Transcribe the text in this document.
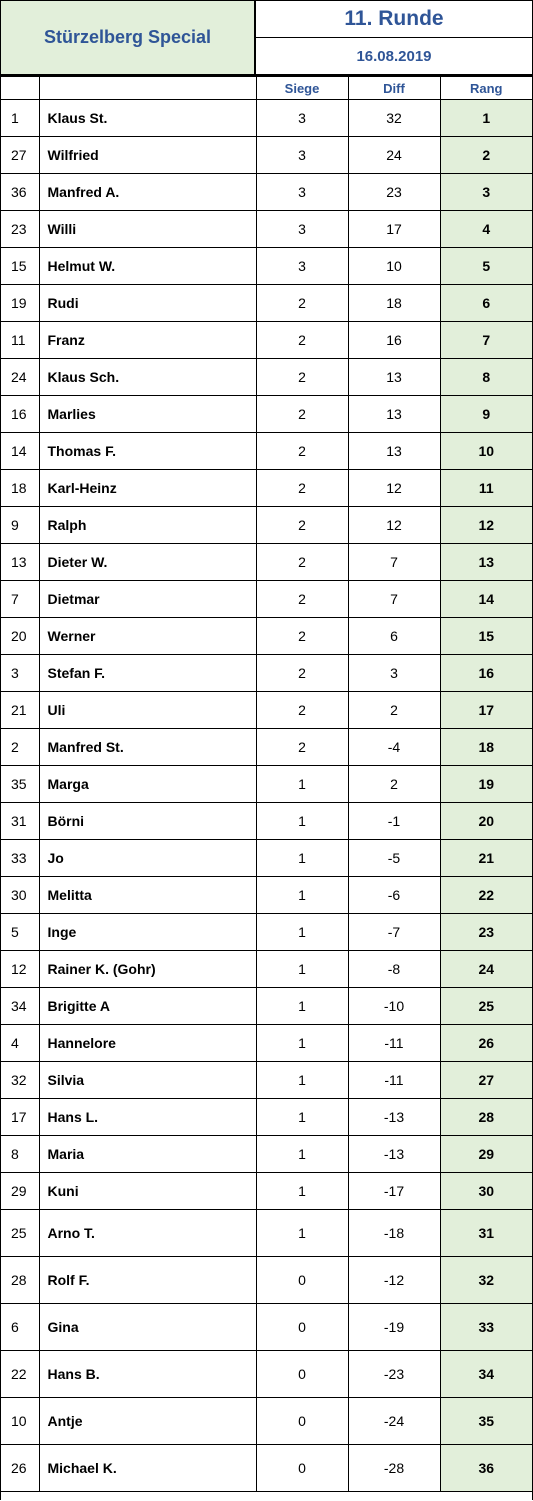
Stürzelberg Special
11. Runde
16.08.2019
		Siege	Diff	Rang
1	Klaus St.	3	32	1
27	Wilfried	3	24	2
36	Manfred A.	3	23	3
23	Willi	3	17	4
15	Helmut W.	3	10	5
19	Rudi	2	18	6
11	Franz	2	16	7
24	Klaus Sch.	2	13	8
16	Marlies	2	13	9
14	Thomas F.	2	13	10
18	Karl-Heinz	2	12	11
9	Ralph	2	12	12
13	Dieter W.	2	7	13
7	Dietmar	2	7	14
20	Werner	2	6	15
3	Stefan F.	2	3	16
21	Uli	2	2	17
2	Manfred St.	2	-4	18
35	Marga	1	2	19
31	Börni	1	-1	20
33	Jo	1	-5	21
30	Melitta	1	-6	22
5	Inge	1	-7	23
12	Rainer K. (Gohr)	1	-8	24
34	Brigitte A	1	-10	25
4	Hannelore	1	-11	26
32	Silvia	1	-11	27
17	Hans L.	1	-13	28
8	Maria	1	-13	29
29	Kuni	1	-17	30
25	Arno T.	1	-18	31
28	Rolf F.	0	-12	32
6	Gina	0	-19	33
22	Hans B.	0	-23	34
10	Antje	0	-24	35
26	Michael K.	0	-28	36
